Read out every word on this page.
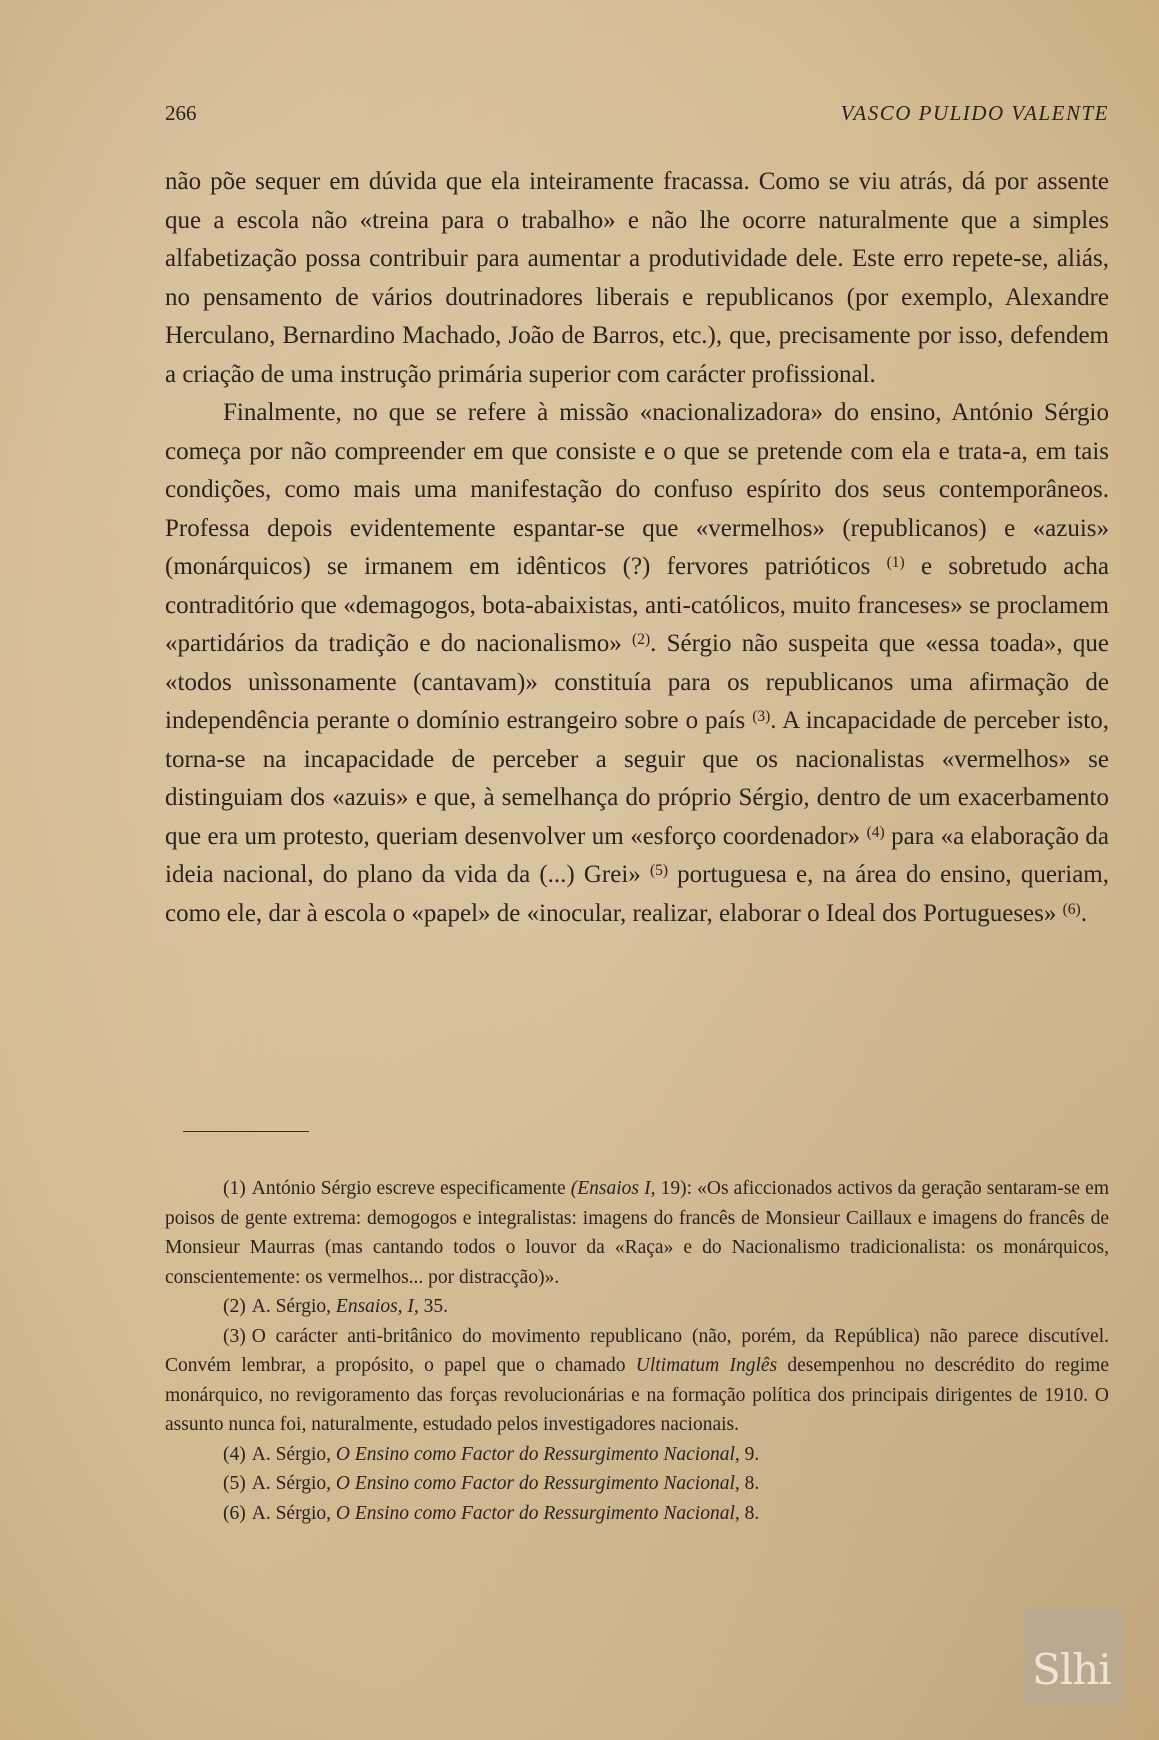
266	VASCO PULIDO VALENTE

não põe sequer em dúvida que ela inteiramente fracassa. Como se viu atrás, dá por assente que a escola não «treina para o trabalho» e não lhe ocorre naturalmente que a simples alfabetização possa contribuir para aumentar a produtividade dele. Este erro repete-se, aliás, no pensamento de vários doutrinadores liberais e republicanos (por exemplo, Alexandre Herculano, Bernardino Machado, João de Barros, etc.), que, precisamente por isso, defendem a criação de uma instrução primária superior com carácter profissional.

Finalmente, no que se refere à missão «nacionalizadora» do ensino, António Sérgio começa por não compreender em que consiste e o que se pretende com ela e trata-a, em tais condições, como mais uma manifestação do confuso espírito dos seus contemporâneos. Professa depois evidentemente espantar-se que «vermelhos» (republicanos) e «azuis» (monárquicos) se irmanem em idênticos (?) fervores patrióticos $^{(1)}$ e sobretudo acha contraditório que «demagogos, bota-abaixistas, anti-católicos, muito franceses» se proclamem «partidários da tradição e do nacionalismo» $^{(2)}$. Sérgio não suspeita que «essa toada», que «todos unìssonamente (cantavam)» constituía para os republicanos uma afirmação de independência perante o domínio estrangeiro sobre o país $^{(3)}$. A incapacidade de perceber isto, torna-se na incapacidade de perceber a seguir que os nacionalistas «vermelhos» se distinguiam dos «azuis» e que, à semelhança do próprio Sérgio, dentro de um exacerbamento que era um protesto, queriam desenvolver um «esforço coordenador» $^{(4)}$ para «a elaboração da ideia nacional, do plano da vida da (...) Grei» $^{(5)}$ portuguesa e, na área do ensino, queriam, como ele, dar à escola o «papel» de «inocular, realizar, elaborar o Ideal dos Portugueses» $^{(6)}$.

(1) António Sérgio escreve especificamente (Ensaios I, 19): «Os aficcionados activos da geração sentaram-se em poisos de gente extrema: demogogos e integralistas: imagens do francês de Monsieur Caillaux e imagens do francês de Monsieur Maurras (mas cantando todos o louvor da «Raça» e do Nacionalismo tradicionalista: os monárquicos, conscientemente: os vermelhos... por distracção)».

(2) A. Sérgio, Ensaios, I, 35.

(3) O carácter anti-britânico do movimento republicano (não, porém, da República) não parece discutível. Convém lembrar, a propósito, o papel que o chamado Ultimatum Inglês desempenhou no descrédito do regime monárquico, no revigoramento das forças revolucionárias e na formação política dos principais dirigentes de 1910. O assunto nunca foi, naturalmente, estudado pelos investigadores nacionais.

(4) A. Sérgio, O Ensino como Factor do Ressurgimento Nacional, 9.

(5) A. Sérgio, O Ensino como Factor do Ressurgimento Nacional, 8.

(6) A. Sérgio, O Ensino como Factor do Ressurgimento Nacional, 8.

Slhi
